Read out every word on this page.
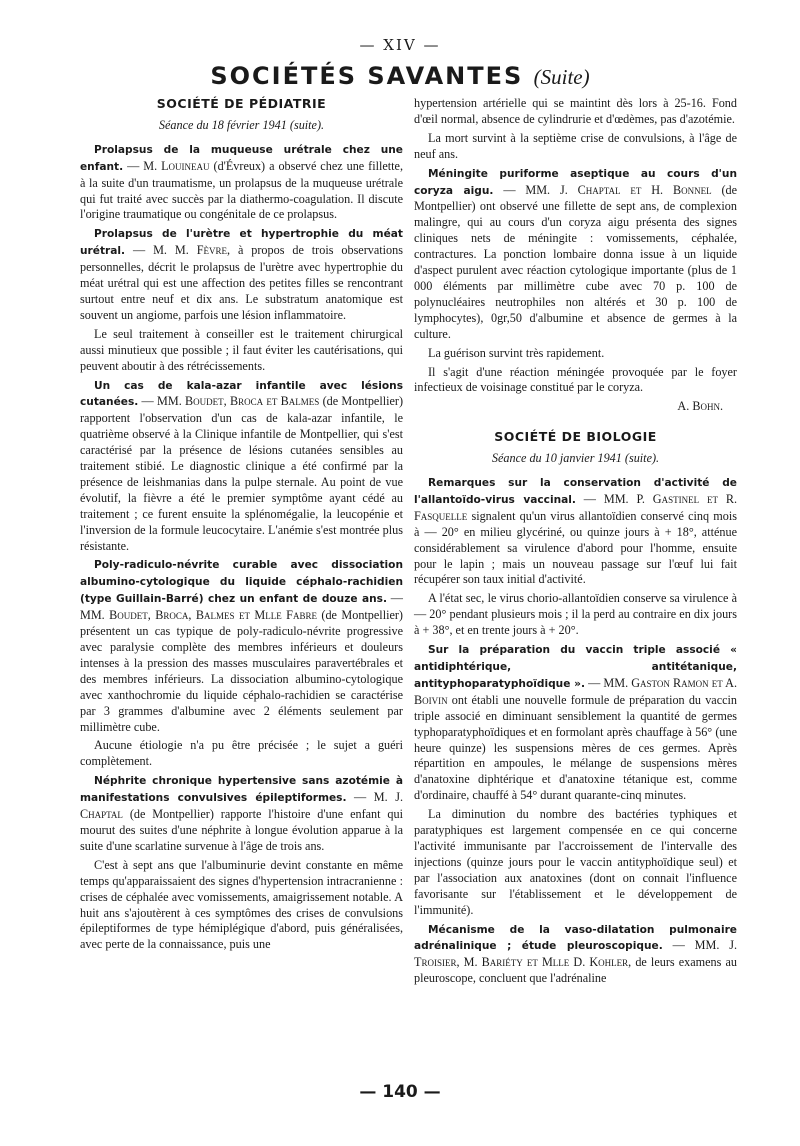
— XIV —
SOCIÉTÉS SAVANTES (Suite)
SOCIÉTÉ DE PÉDIATRIE
Séance du 18 février 1941 (suite).

Prolapsus de la muqueuse urétrale chez une enfant. — M. Louineau (d'Évreux) a observé chez une fillette, à la suite d'un traumatisme, un prolapsus de la muqueuse urétrale qui fut traité avec succès par la diathermo-coagulation. Il discute l'origine traumatique ou congénitale de ce prolapsus.

Prolapsus de l'urètre et hypertrophie du méat urétral. — M. M. Fèvre, à propos de trois observations personnelles, décrit le prolapsus de l'urètre avec hypertrophie du méat urétral qui est une affection des petites filles se rencontrant surtout entre neuf et dix ans. Le substratum anatomique est souvent un angiome, parfois une lésion inflammatoire.

Le seul traitement à conseiller est le traitement chirurgical aussi minutieux que possible ; il faut éviter les cautérisations, qui peuvent aboutir à des rétrécissements.

Un cas de kala-azar infantile avec lésions cutanées. — MM. Boudet, Broca et Balmes (de Montpellier) rapportent l'observation d'un cas de kala-azar infantile, le quatrième observé à la Clinique infantile de Montpellier, qui s'est caractérisé par la présence de lésions cutanées sensibles au traitement stibié. Le diagnostic clinique a été confirmé par la présence de leishmanias dans la pulpe sternale. Au point de vue évolutif, la fièvre a été le premier symptôme ayant cédé au traitement ; ce furent ensuite la splénomégalie, la leucopénie et l'inversion de la formule leucocytaire. L'anémie s'est montrée plus résistante.

Poly-radiculo-névrite curable avec dissociation albumino-cytologique du liquide céphalo-rachidien (type Guillain-Barré) chez un enfant de douze ans. — MM. Boudet, Broca, Balmes et Mlle Fabre (de Montpellier) présentent un cas typique de poly-radiculo-névrite progressive avec paralysie complète des membres inférieurs et douleurs intenses à la pression des masses musculaires paravertébrales et des membres inférieurs. La dissociation albumino-cytologique avec xanthochromie du liquide céphalo-rachidien se caractérise par 3 grammes d'albumine avec 2 éléments seulement par millimètre cube.

Aucune étiologie n'a pu être précisée ; le sujet a guéri complètement.

Néphrite chronique hypertensive sans azotémie à manifestations convulsives épileptiformes. — M. J. Chaptal (de Montpellier) rapporte l'histoire d'une enfant qui mourut des suites d'une néphrite à longue évolution apparue à la suite d'une scarlatine survenue à l'âge de trois ans.

C'est à sept ans que l'albuminurie devint constante en même temps qu'apparaissaient des signes d'hypertension intracranienne : crises de céphalée avec vomissements, amaigrissement notable. A huit ans s'ajoutèrent à ces symptômes des crises de convulsions épileptiformes de type hémiplégique d'abord, puis généralisées, avec perte de la connaissance, puis une

hypertension artérielle qui se maintint dès lors à 25-16. Fond d'œil normal, absence de cylindrurie et d'œdèmes, pas d'azotémie.

La mort survint à la septième crise de convulsions, à l'âge de neuf ans.

Méningite puriforme aseptique au cours d'un coryza aigu. — MM. J. Chaptal et H. Bonnel (de Montpellier) ont observé une fillette de sept ans, de complexion malingre, qui au cours d'un coryza aigu présenta des signes cliniques nets de méningite : vomissements, céphalée, contractures. La ponction lombaire donna issue à un liquide d'aspect purulent avec réaction cytologique importante (plus de 1 000 éléments par millimètre cube avec 70 p. 100 de polynucléaires neutrophiles non altérés et 30 p. 100 de lymphocytes), 0gr,50 d'albumine et absence de germes à la culture.

La guérison survint très rapidement.

Il s'agit d'une réaction méningée provoquée par le foyer infectieux de voisinage constitué par le coryza.

A. Bohn.

SOCIÉTÉ DE BIOLOGIE
Séance du 10 janvier 1941 (suite).

Remarques sur la conservation d'activité de l'allantoïdo-virus vaccinal. — MM. P. Gastinel et R. Fasquelle signalent qu'un virus allantoïdien conservé cinq mois à — 20° en milieu glycériné, ou quinze jours à + 18°, atténue considérablement sa virulence d'abord pour l'homme, ensuite pour le lapin ; mais un nouveau passage sur l'œuf lui fait récupérer son taux initial d'activité.

A l'état sec, le virus chorio-allantoïdien conserve sa virulence à — 20° pendant plusieurs mois ; il la perd au contraire en dix jours à + 38°, et en trente jours à + 20°.

Sur la préparation du vaccin triple associé « antidiphtérique, antitétanique, antityphoparatyphoïdique ». — MM. Gaston Ramon et A. Boivin ont établi une nouvelle formule de préparation du vaccin triple associé en diminuant sensiblement la quantité de germes typhoparatyphoïdiques et en formolant après chauffage à 56° (une heure quinze) les suspensions mères de ces germes. Après répartition en ampoules, le mélange de suspensions mères d'anatoxine diphtérique et d'anatoxine tétanique est, comme d'ordinaire, chauffé à 54° durant quarante-cinq minutes.

La diminution du nombre des bactéries typhiques et paratyphiques est largement compensée en ce qui concerne l'activité immunisante par l'accroissement de l'intervalle des injections (quinze jours pour le vaccin antityphoïdique seul) et par l'association aux anatoxines (dont on connait l'influence favorisante sur l'établissement et le développement de l'immunité).

Mécanisme de la vaso-dilatation pulmonaire adrénalinique ; étude pleuroscopique. — MM. J. Troisier, M. Bariéty et Mlle D. Kohler, de leurs examens au pleuroscope, concluent que l'adrénaline

— 140 —
